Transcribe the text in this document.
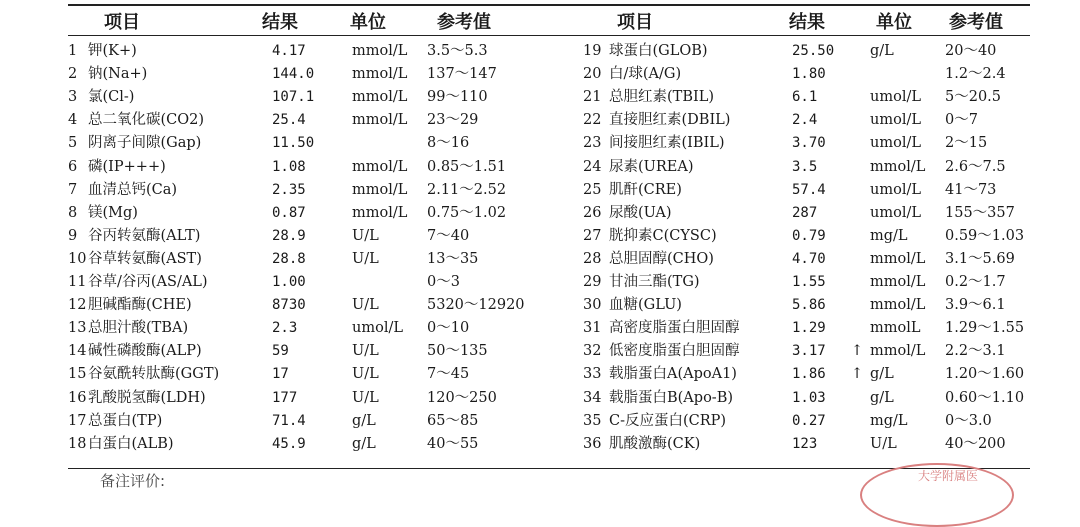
项目	结果	单位	参考值	项目	结果	单位 参考值
1 钾(K+)	4.17	mmol/L 3.5～5.3
2 钠(Na+)	144.0	mmol/L 137～147
3 氯(Cl-)	107.1	mmol/L 99～110
4 总二氧化碳(CO2)	25.4	mmol/L 23～29
5 阴离子间隙(Gap)	11.50	8～16
6 磷(IP+++)	1.08	mmol/L 0.85～1.51
7 血清总钙(Ca)	2.35	mmol/L 2.11～2.52
8 镁(Mg)	0.87	mmol/L 0.75～1.02
9 谷丙转氨酶(ALT)	28.9	U/L	7～40
10 谷草转氨酶(AST)	28.8	U/L	13～35
11 谷草/谷丙(AS/AL)	1.00	0～3
12 胆碱酯酶(CHE)	8730	U/L	5320～12920
13 总胆汁酸(TBA)	2.3	umol/L 0～10
14 碱性磷酸酶(ALP)	59	U/L	50～135
15 谷氨酰转肽酶(GGT)	17	U/L	7～45
16 乳酸脱氢酶(LDH)	177	U/L	120～250
17 总蛋白(TP)	71.4	g/L	65～85
18 白蛋白(ALB)	45.9	g/L	40～55
19 球蛋白(GLOB)	25.50 g/L	20～40
20 白/球(A/G)	1.80	1.2～2.4
21 总胆红素(TBIL)	6.1	umol/L 5～20.5
22 直接胆红素(DBIL)	2.4	umol/L 0～7
23 间接胆红素(IBIL)	3.70	umol/L 2～15
24 尿素(UREA)	3.5	mmol/L 2.6～7.5
25 肌酐(CRE)	57.4	umol/L 41～73
26 尿酸(UA)	287	umol/L 155～357
27 胱抑素C(CYSC)	0.79	mg/L	0.59～1.03
28 总胆固醇(CHO)	4.70	mmol/L 3.1～5.69
29 甘油三酯(TG)	1.55	mmol/L 0.2～1.7
30 血糖(GLU)	5.86	mmol/L 3.9～6.1
31 高密度脂蛋白胆固醇	1.29	mmolL 1.29～1.55
32 低密度脂蛋白胆固醇	3.17 ↑ mmol/L 2.2～3.1
33 载脂蛋白A(ApoA1)	1.86 ↑ g/L	1.20～1.60
34 载脂蛋白B(Apo-B)	1.03	g/L	0.60～1.10
35 C-反应蛋白(CRP)	0.27	mg/L	0～3.0
36 肌酸激酶(CK)	123	U/L	40～200
备注评价:	大学附属医
